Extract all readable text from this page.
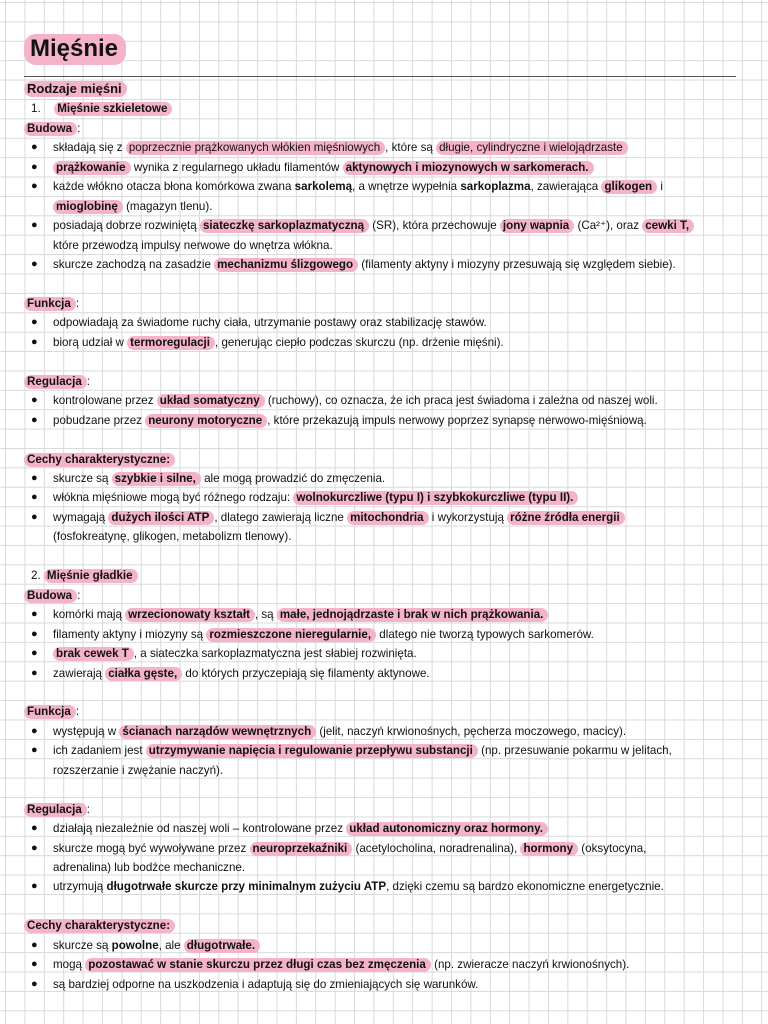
Mięśnie
Rodzaje mięśni
1. Mięśnie szkieletowe
Budowa :
● składają się z poprzecznie prążkowanych włókien mięśniowych , które są długie, cylindryczne i wielojądrzaste
● prążkowanie wynika z regularnego układu filamentów aktynowych i miozynowych w sarkomerach.
● każde włókno otacza błona komórkowa zwana sarkolemą, a wnętrze wypełnia sarkoplazma, zawierająca glikogen i
mioglobinę (magazyn tlenu).
● posiadają dobrze rozwiniętą siateczkę sarkoplazmatyczną (SR), która przechowuje jony wapnia (Ca²⁺), oraz cewki T,
które przewodzą impulsy nerwowe do wnętrza włókna.
● skurcze zachodzą na zasadzie mechanizmu ślizgowego (filamenty aktyny i miozyny przesuwają się względem siebie).
Funkcja :
● odpowiadają za świadome ruchy ciała, utrzymanie postawy oraz stabilizację stawów.
● biorą udział w termoregulacji , generując ciepło podczas skurczu (np. drżenie mięśni).
Regulacja :
● kontrolowane przez układ somatyczny (ruchowy), co oznacza, że ich praca jest świadoma i zależna od naszej woli.
● pobudzane przez neurony motoryczne , które przekazują impuls nerwowy poprzez synapsę nerwowo-mięśniową.
Cechy charakterystyczne:
● skurcze są szybkie i silne, ale mogą prowadzić do zmęczenia.
● włókna mięśniowe mogą być różnego rodzaju: wolnokurczliwe (typu I) i szybkokurczliwe (typu II).
● wymagają dużych ilości ATP , dlatego zawierają liczne mitochondria i wykorzystują różne źródła energii
(fosfokreatynę, glikogen, metabolizm tlenowy).
2. Mięśnie gładkie
Budowa :
● komórki mają wrzecionowaty kształt , są małe, jednojądrzaste i brak w nich prążkowania.
● filamenty aktyny i miozyny są rozmieszczone nieregularnie, dlatego nie tworzą typowych sarkomerów.
● brak cewek T , a siateczka sarkoplazmatyczna jest słabiej rozwinięta.
● zawierają ciałka gęste, do których przyczepiają się filamenty aktynowe.
Funkcja :
● występują w ścianach narządów wewnętrznych (jelit, naczyń krwionośnych, pęcherza moczowego, macicy).
● ich zadaniem jest utrzymywanie napięcia i regulowanie przepływu substancji (np. przesuwanie pokarmu w jelitach,
rozszerzanie i zwężanie naczyń).
Regulacja :
● działają niezależnie od naszej woli – kontrolowane przez układ autonomiczny oraz hormony.
● skurcze mogą być wywoływane przez neuroprzekaźniki (acetylocholina, noradrenalina), hormony (oksytocyna,
adrenalina) lub bodźce mechaniczne.
● utrzymują długotrwałe skurcze przy minimalnym zużyciu ATP, dzięki czemu są bardzo ekonomiczne energetycznie.
Cechy charakterystyczne:
● skurcze są powolne, ale długotrwałe.
● mogą pozostawać w stanie skurczu przez długi czas bez zmęczenia (np. zwieracze naczyń krwionośnych).
● są bardziej odporne na uszkodzenia i adaptują się do zmieniających się warunków.
